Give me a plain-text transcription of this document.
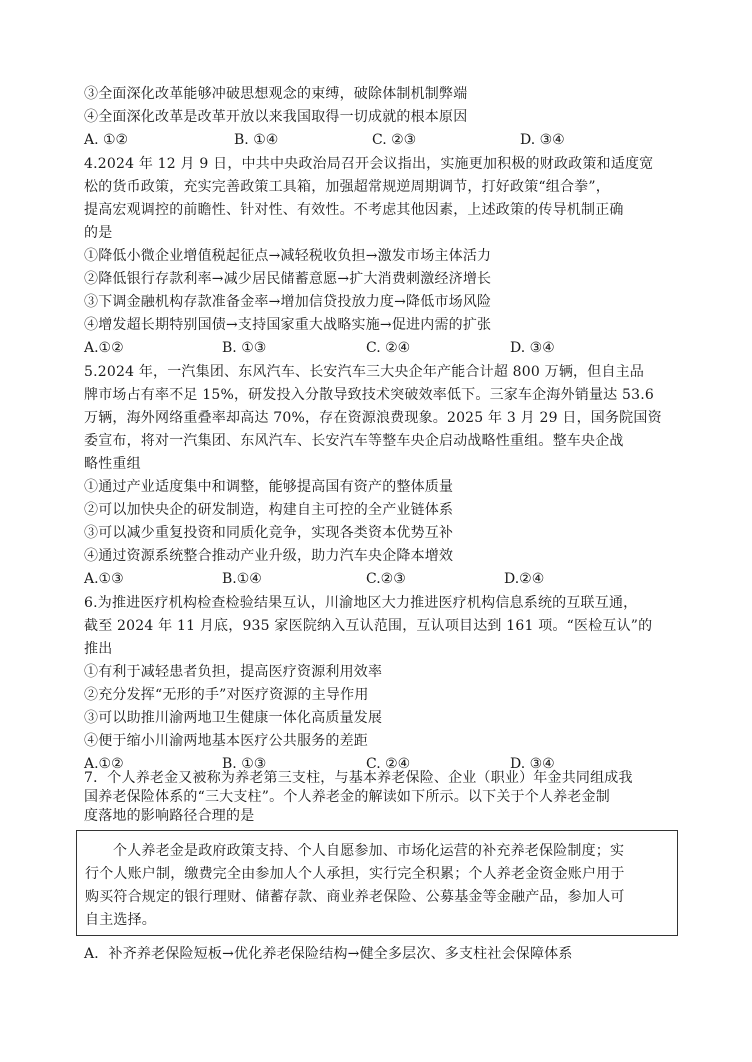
③全面深化改革能够冲破思想观念的束缚，破除体制机制弊端
④全面深化改革是改革开放以来我国取得一切成就的根本原因
A. ①②	B. ①④	C. ②③	D. ③④
4.2024 年 12 月 9 日，中共中央政治局召开会议指出，实施更加积极的财政政策和适度宽
松的货币政策，充实完善政策工具箱，加强超常规逆周期调节，打好政策“组合拳”，
提高宏观调控的前瞻性、针对性、有效性。不考虑其他因素，上述政策的传导机制正确
的是
①降低小微企业增值税起征点→减轻税收负担→激发市场主体活力
②降低银行存款利率→减少居民储蓄意愿→扩大消费刺激经济增长
③下调金融机构存款准备金率→增加信贷投放力度→降低市场风险
④增发超长期特别国债→支持国家重大战略实施→促进内需的扩张
A.①②	B. ①③	C. ②④	D. ③④
5.2024 年，一汽集团、东风汽车、长安汽车三大央企年产能合计超 800 万辆，但自主品
牌市场占有率不足 15%，研发投入分散导致技术突破效率低下。三家车企海外销量达 53.6
万辆，海外网络重叠率却高达 70%，存在资源浪费现象。2025 年 3 月 29 日，国务院国资
委宣布，将对一汽集团、东风汽车、长安汽车等整车央企启动战略性重组。整车央企战
略性重组
①通过产业适度集中和调整，能够提高国有资产的整体质量
②可以加快央企的研发制造，构建自主可控的全产业链体系
③可以减少重复投资和同质化竞争，实现各类资本优势互补
④通过资源系统整合推动产业升级，助力汽车央企降本增效
A.①③	B.①④	C.②③	D.②④
6.为推进医疗机构检查检验结果互认，川渝地区大力推进医疗机构信息系统的互联互通，
截至 2024 年 11 月底，935 家医院纳入互认范围，互认项目达到 161 项。“医检互认”的
推出
①有利于减轻患者负担，提高医疗资源利用效率
②充分发挥“无形的手”对医疗资源的主导作用
③可以助推川渝两地卫生健康一体化高质量发展
④便于缩小川渝两地基本医疗公共服务的差距
A.①②	B. ①③	C. ②④	D. ③④
7．个人养老金又被称为养老第三支柱，与基本养老保险、企业（职业）年金共同组成我
国养老保险体系的“三大支柱”。个人养老金的解读如下所示。以下关于个人养老金制
个人养老金是政府政策支持、个人自愿参加、市场化运营的补充养老保险制度；实
行个人账户制，缴费完全由参加人个人承担，实行完全积累；个人养老金资金账户用于
购买符合规定的银行理财、储蓄存款、商业养老保险、公募基金等金融产品，参加人可
自主选择。
A．补齐养老保险短板→优化养老保险结构→健全多层次、多支柱社会保障体系
度落地的影响路径合理的是
